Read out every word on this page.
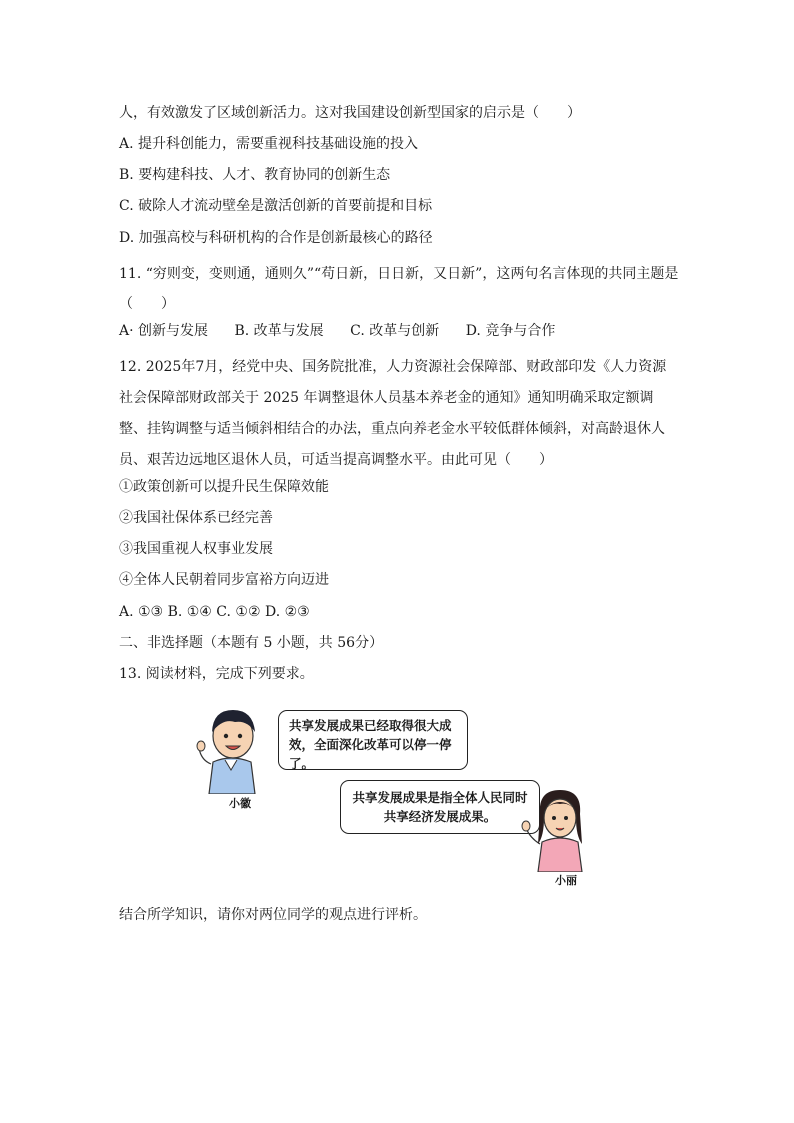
人，有效激发了区域创新活力。这对我国建设创新型国家的启示是（　　）
A. 提升科创能力，需要重视科技基础设施的投入
B. 要构建科技、人才、教育协同的创新生态
C. 破除人才流动壁垒是激活创新的首要前提和目标
D. 加强高校与科研机构的合作是创新最核心的路径
11. “穷则变，变则通，通则久”“苟日新，日日新，又日新”，这两句名言体现的共同主题是（　　）
A· 创新与发展 B. 改革与发展 C. 改革与创新 D. 竞争与合作
12. 2025年7月，经党中央、国务院批准，人力资源社会保障部、财政部印发《人力资源社会保障部财政部关于 2025 年调整退休人员基本养老金的通知》通知明确采取定额调整、挂钩调整与适当倾斜相结合的办法，重点向养老金水平较低群体倾斜，对高龄退休人员、艰苦边远地区退休人员，可适当提高调整水平。由此可见（　　）
①政策创新可以提升民生保障效能
②我国社保体系已经完善
③我国重视人权事业发展
④全体人民朝着同步富裕方向迈进
A. ①③ B. ①④ C. ①② D. ②③
二、非选择题（本题有 5 小题，共 56分）
13. 阅读材料，完成下列要求。
共享发展成果已经取得很大成效，全面深化改革可以停一停了。
小徽	共享发展成果是指全体人民同时共享经济发展成果。
小丽
结合所学知识，请你对两位同学的观点进行评析。
